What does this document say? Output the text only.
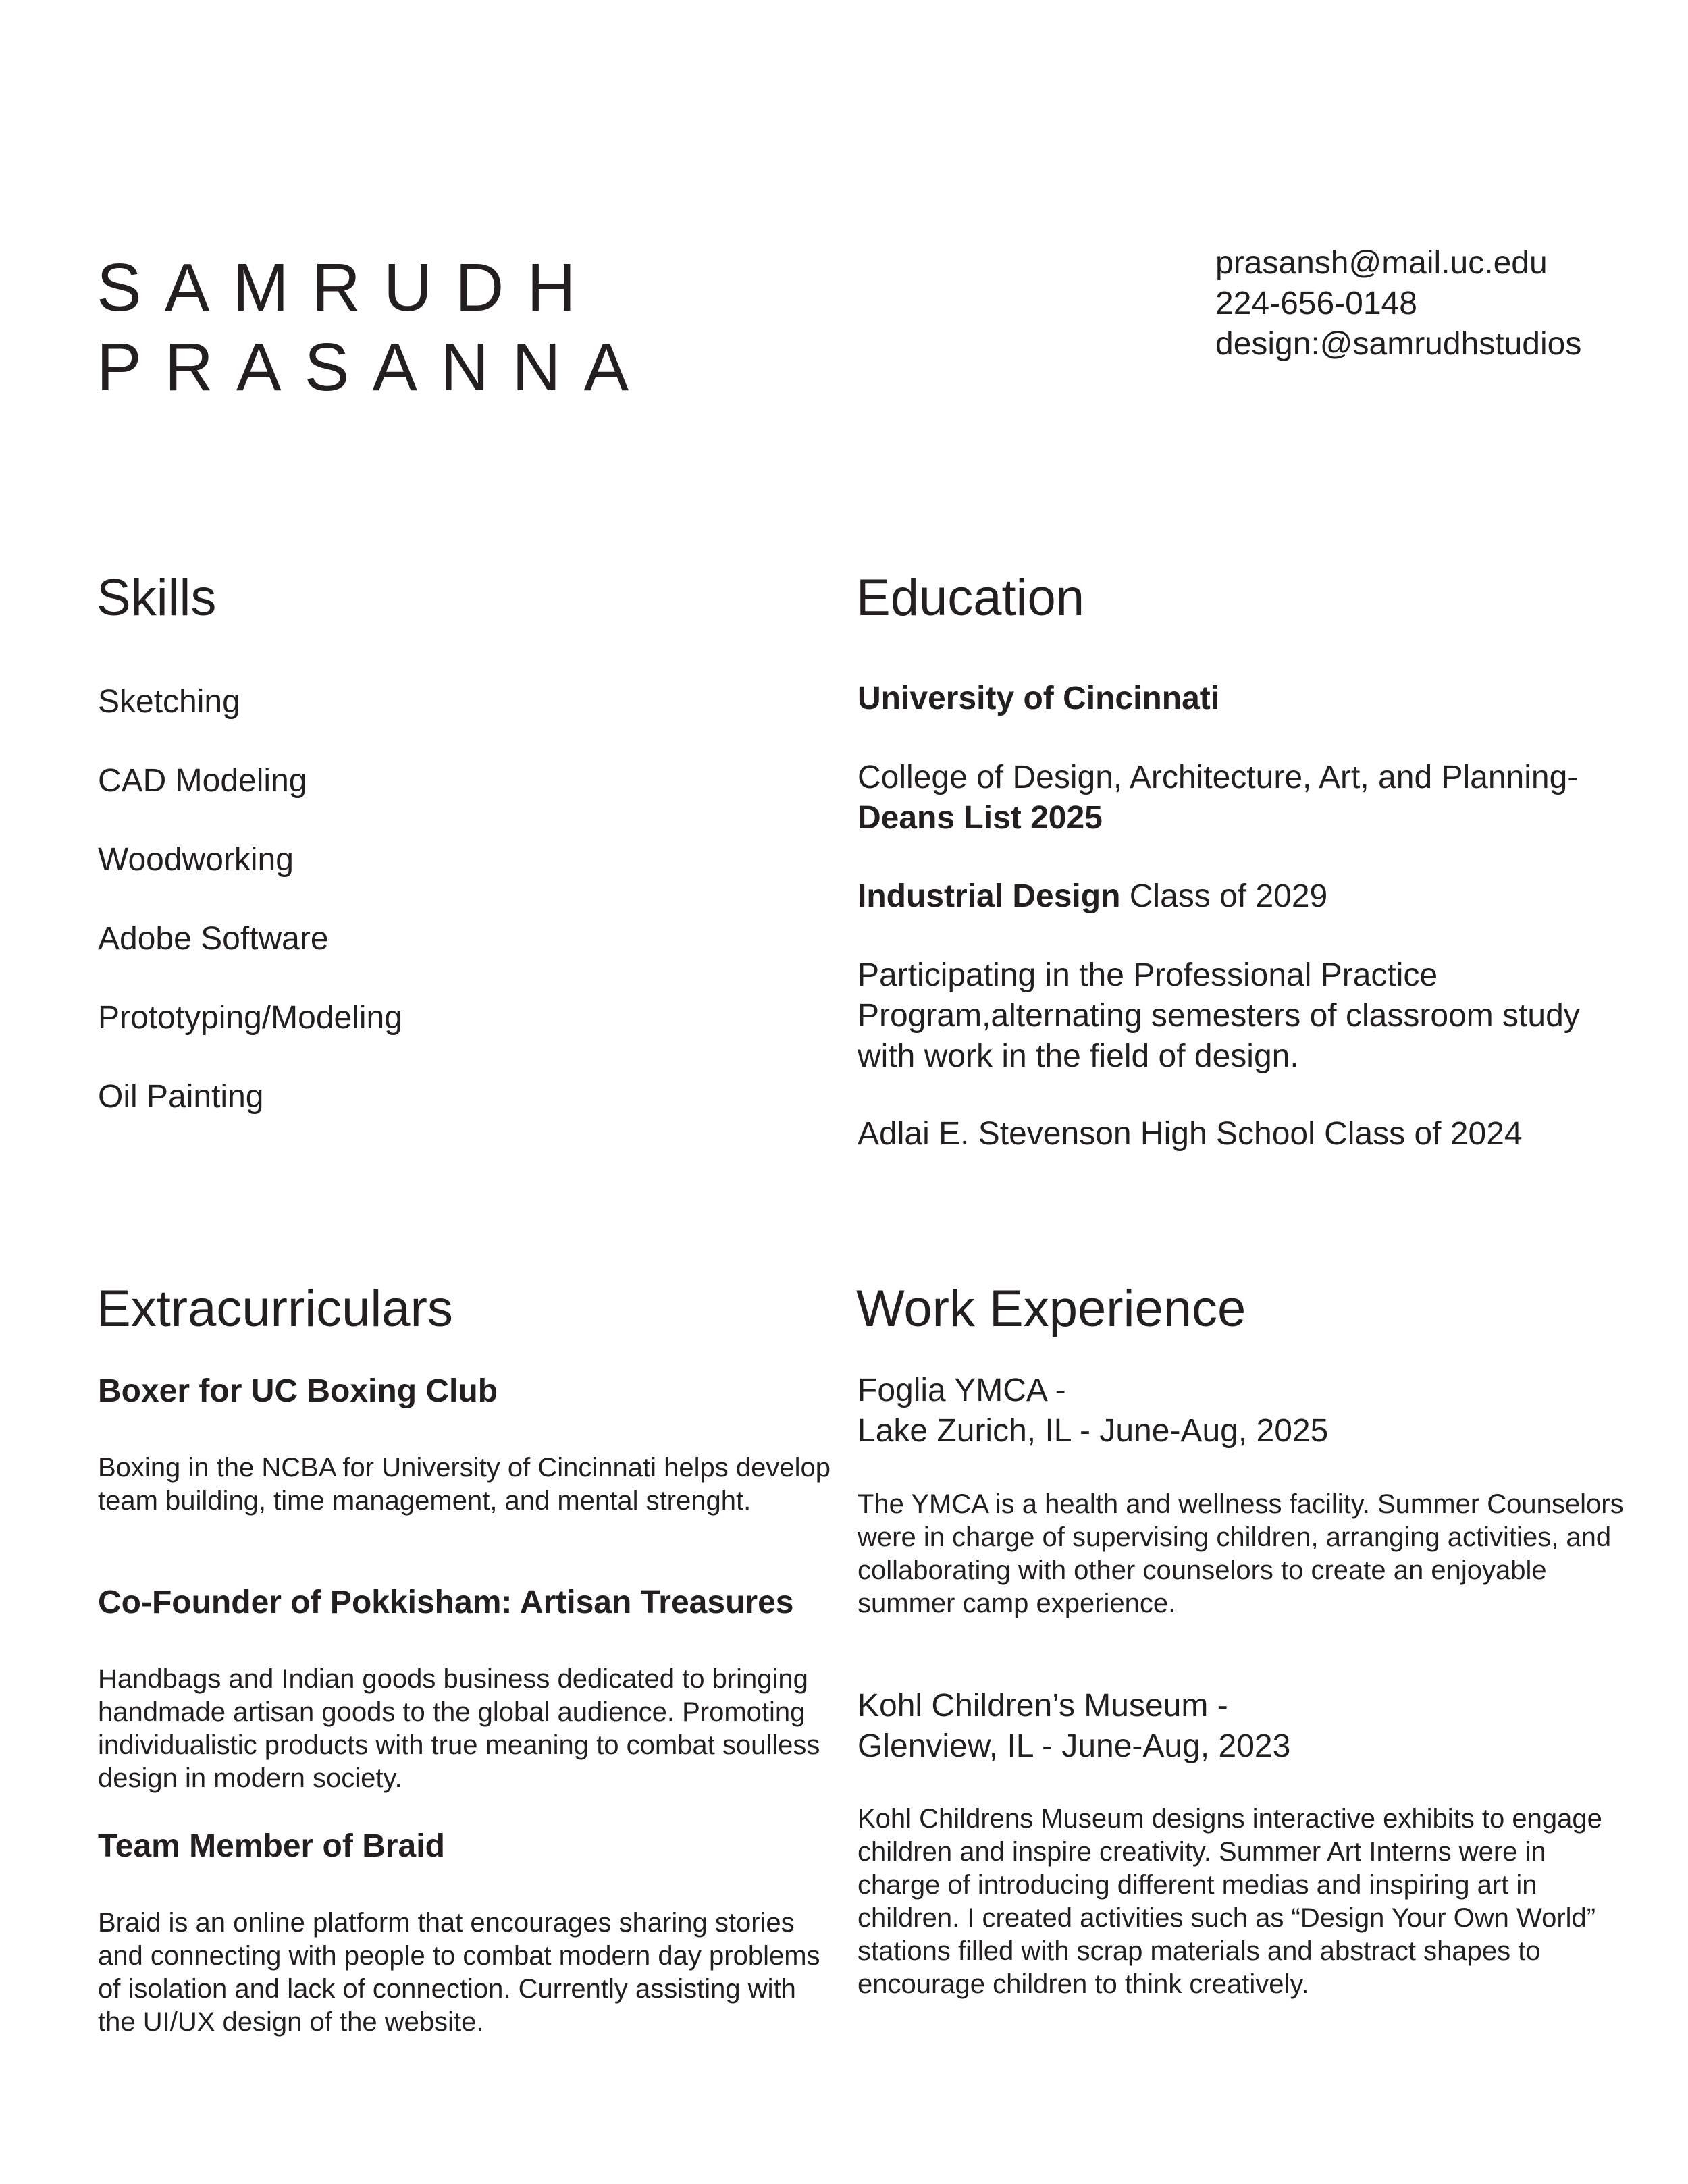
SAMRUDH
PRASANNA
prasansh@mail.uc.edu
224-656-0148
design:@samrudhstudios
Skills
Sketching
CAD Modeling
Woodworking
Adobe Software
Prototyping/Modeling
Oil Painting
Education
University of Cincinnati
College of Design, Architecture, Art, and Planning- Deans List 2025
Industrial Design Class of 2029
Participating in the Professional Practice Program,alternating semesters of classroom study with work in the field of design.
Adlai E. Stevenson High School Class of 2024
Extracurriculars
Boxer for UC Boxing Club
Boxing in the NCBA for University of Cincinnati helps develop team building, time management, and mental strenght.
Co-Founder of Pokkisham: Artisan Treasures
Handbags and Indian goods business dedicated to bringing handmade artisan goods to the global audience. Promoting individualistic products with true meaning to combat soulless design in modern society.
Team Member of Braid
Braid is an online platform that encourages sharing stories and connecting with people to combat modern day problems of isolation and lack of connection. Currently assisting with the UI/UX design of the website.
Work Experience
Foglia YMCA -
Lake Zurich, IL - June-Aug, 2025
The YMCA is a health and wellness facility. Summer Counselors were in charge of supervising children, arranging activities, and collaborating with other counselors to create an enjoyable summer camp experience.
Kohl Children’s Museum -
Glenview, IL - June-Aug, 2023
Kohl Childrens Museum designs interactive exhibits to engage children and inspire creativity. Summer Art Interns were in charge of introducing different medias and inspiring art in children. I created activities such as “Design Your Own World” stations filled with scrap materials and abstract shapes to encourage children to think creatively.
